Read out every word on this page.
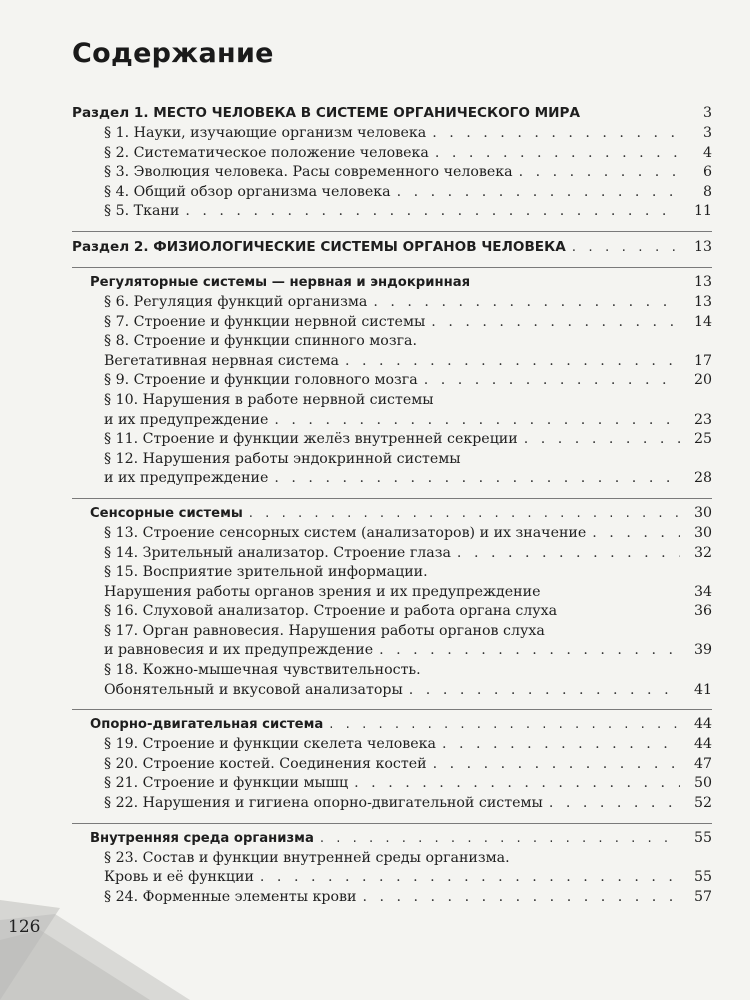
Содержание
Раздел 1. МЕСТО ЧЕЛОВЕКА В СИСТЕМЕ ОРГАНИЧЕСКОГО МИРА	3
§ 1. Науки, изучающие организм человека . . .	3
§ 2. Систематическое положение человека . . .	4
§ 3. Эволюция человека. Расы современного человека . . .	6
§ 4. Общий обзор организма человека . . .	8
§ 5. Ткани . . .	11
Раздел 2. ФИЗИОЛОГИЧЕСКИЕ СИСТЕМЫ ОРГАНОВ ЧЕЛОВЕКА . . .	13
Регуляторные системы — нервная и эндокринная	13
§ 6. Регуляция функций организма . . .	13
§ 7. Строение и функции нервной системы . . .	14
§ 8. Строение и функции спинного мозга.
Вегетативная нервная система . . .	17
§ 9. Строение и функции головного мозга . . .	20
§ 10. Нарушения в работе нервной системы
и их предупреждение . . .	23
§ 11. Строение и функции желёз внутренней секреции . . .	25
§ 12. Нарушения работы эндокринной системы
и их предупреждение . . .	28
Сенсорные системы . . .	30
§ 13. Строение сенсорных систем (анализаторов) и их значение . . .	30
§ 14. Зрительный анализатор. Строение глаза . . .	32
§ 15. Восприятие зрительной информации.
Нарушения работы органов зрения и их предупреждение	34
§ 16. Слуховой анализатор. Строение и работа органа слуха	36
§ 17. Орган равновесия. Нарушения работы органов слуха
и равновесия и их предупреждение . . .	39
§ 18. Кожно-мышечная чувствительность.
Обонятельный и вкусовой анализаторы . . .	41
Опорно-двигательная система . . .	44
§ 19. Строение и функции скелета человека . . .	44
§ 20. Строение костей. Соединения костей . . .	47
§ 21. Строение и функции мышц . . .	50
§ 22. Нарушения и гигиена опорно-двигательной системы . . .	52
Внутренняя среда организма . . .	55
§ 23. Состав и функции внутренней среды организма.
Кровь и её функции . . .	55
§ 24. Форменные элементы крови . . .	57
126
